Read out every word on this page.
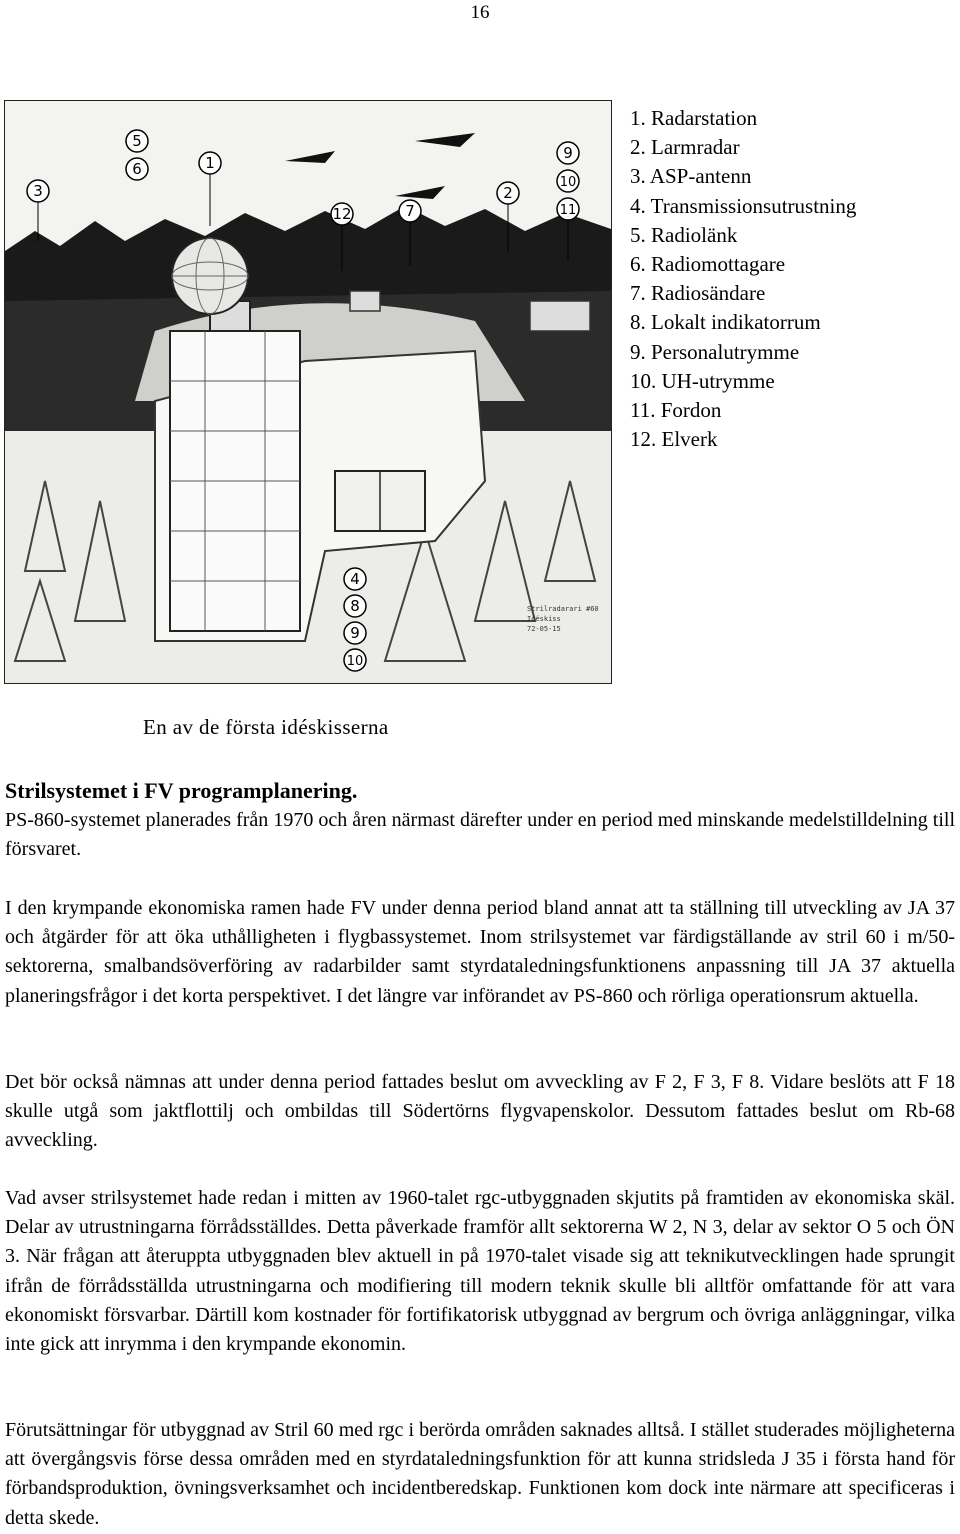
16
5
6	1
3
12	7
2
9
10
11
4
8
9
10
Strilradarari #60
Idéskiss
72-05-15
1. Radarstation
2. Larmradar
3. ASP-antenn
4. Transmissionsutrustning
5. Radiolänk
6. Radiomottagare
7. Radiosändare
8. Lokalt indikatorrum
9. Personalutrymme
10. UH-utrymme
11. Fordon
12. Elverk
En av de första idéskisserna
Strilsystemet i FV programplanering.

PS-860-systemet planerades från 1970 och åren närmast därefter under en period med minskande medelstilldelning till försvaret.

I den krympande ekonomiska ramen hade FV under denna period bland annat att ta ställning till utveckling av JA 37 och åtgärder för att öka uthålligheten i flygbassystemet. Inom strilsystemet var färdigställande av stril 60 i m/50-sektorerna, smalbandsöverföring av radarbilder samt styrdataledningsfunktionens anpassning till JA 37 aktuella planeringsfrågor i det korta perspektivet. I det längre var införandet av PS-860 och rörliga operationsrum aktuella.

Det bör också nämnas att under denna period fattades beslut om avveckling av F 2, F 3, F 8. Vidare beslöts att F 18 skulle utgå som jaktflottilj och ombildas till Södertörns flygvapenskolor. Dessutom fattades beslut om Rb-68 avveckling.

Vad avser strilsystemet hade redan i mitten av 1960-talet rgc-utbyggnaden skjutits på framtiden av ekonomiska skäl. Delar av utrustningarna förrådsställdes. Detta påverkade framför allt sektorerna W 2, N 3, delar av sektor O 5 och ÖN 3. När frågan att återuppta utbyggnaden blev aktuell in på 1970-talet visade sig att teknikutvecklingen hade sprungit ifrån de förrådsställda utrustningarna och modifiering till modern teknik skulle bli alltför omfattande för att vara ekonomiskt försvarbar. Därtill kom kostnader för fortifikatorisk utbyggnad av bergrum och övriga anläggningar, vilka inte gick att inrymma i den krympande ekonomin.

Förutsättningar för utbyggnad av Stril 60 med rgc i berörda områden saknades alltså. I stället studerades möjligheterna att övergångsvis förse dessa områden med en styrdataledningsfunktion för att kunna stridsleda J 35 i första hand för förbandsproduktion, övningsverksamhet och incidentberedskap. Funktionen kom dock inte närmare att specificeras i detta skede.
